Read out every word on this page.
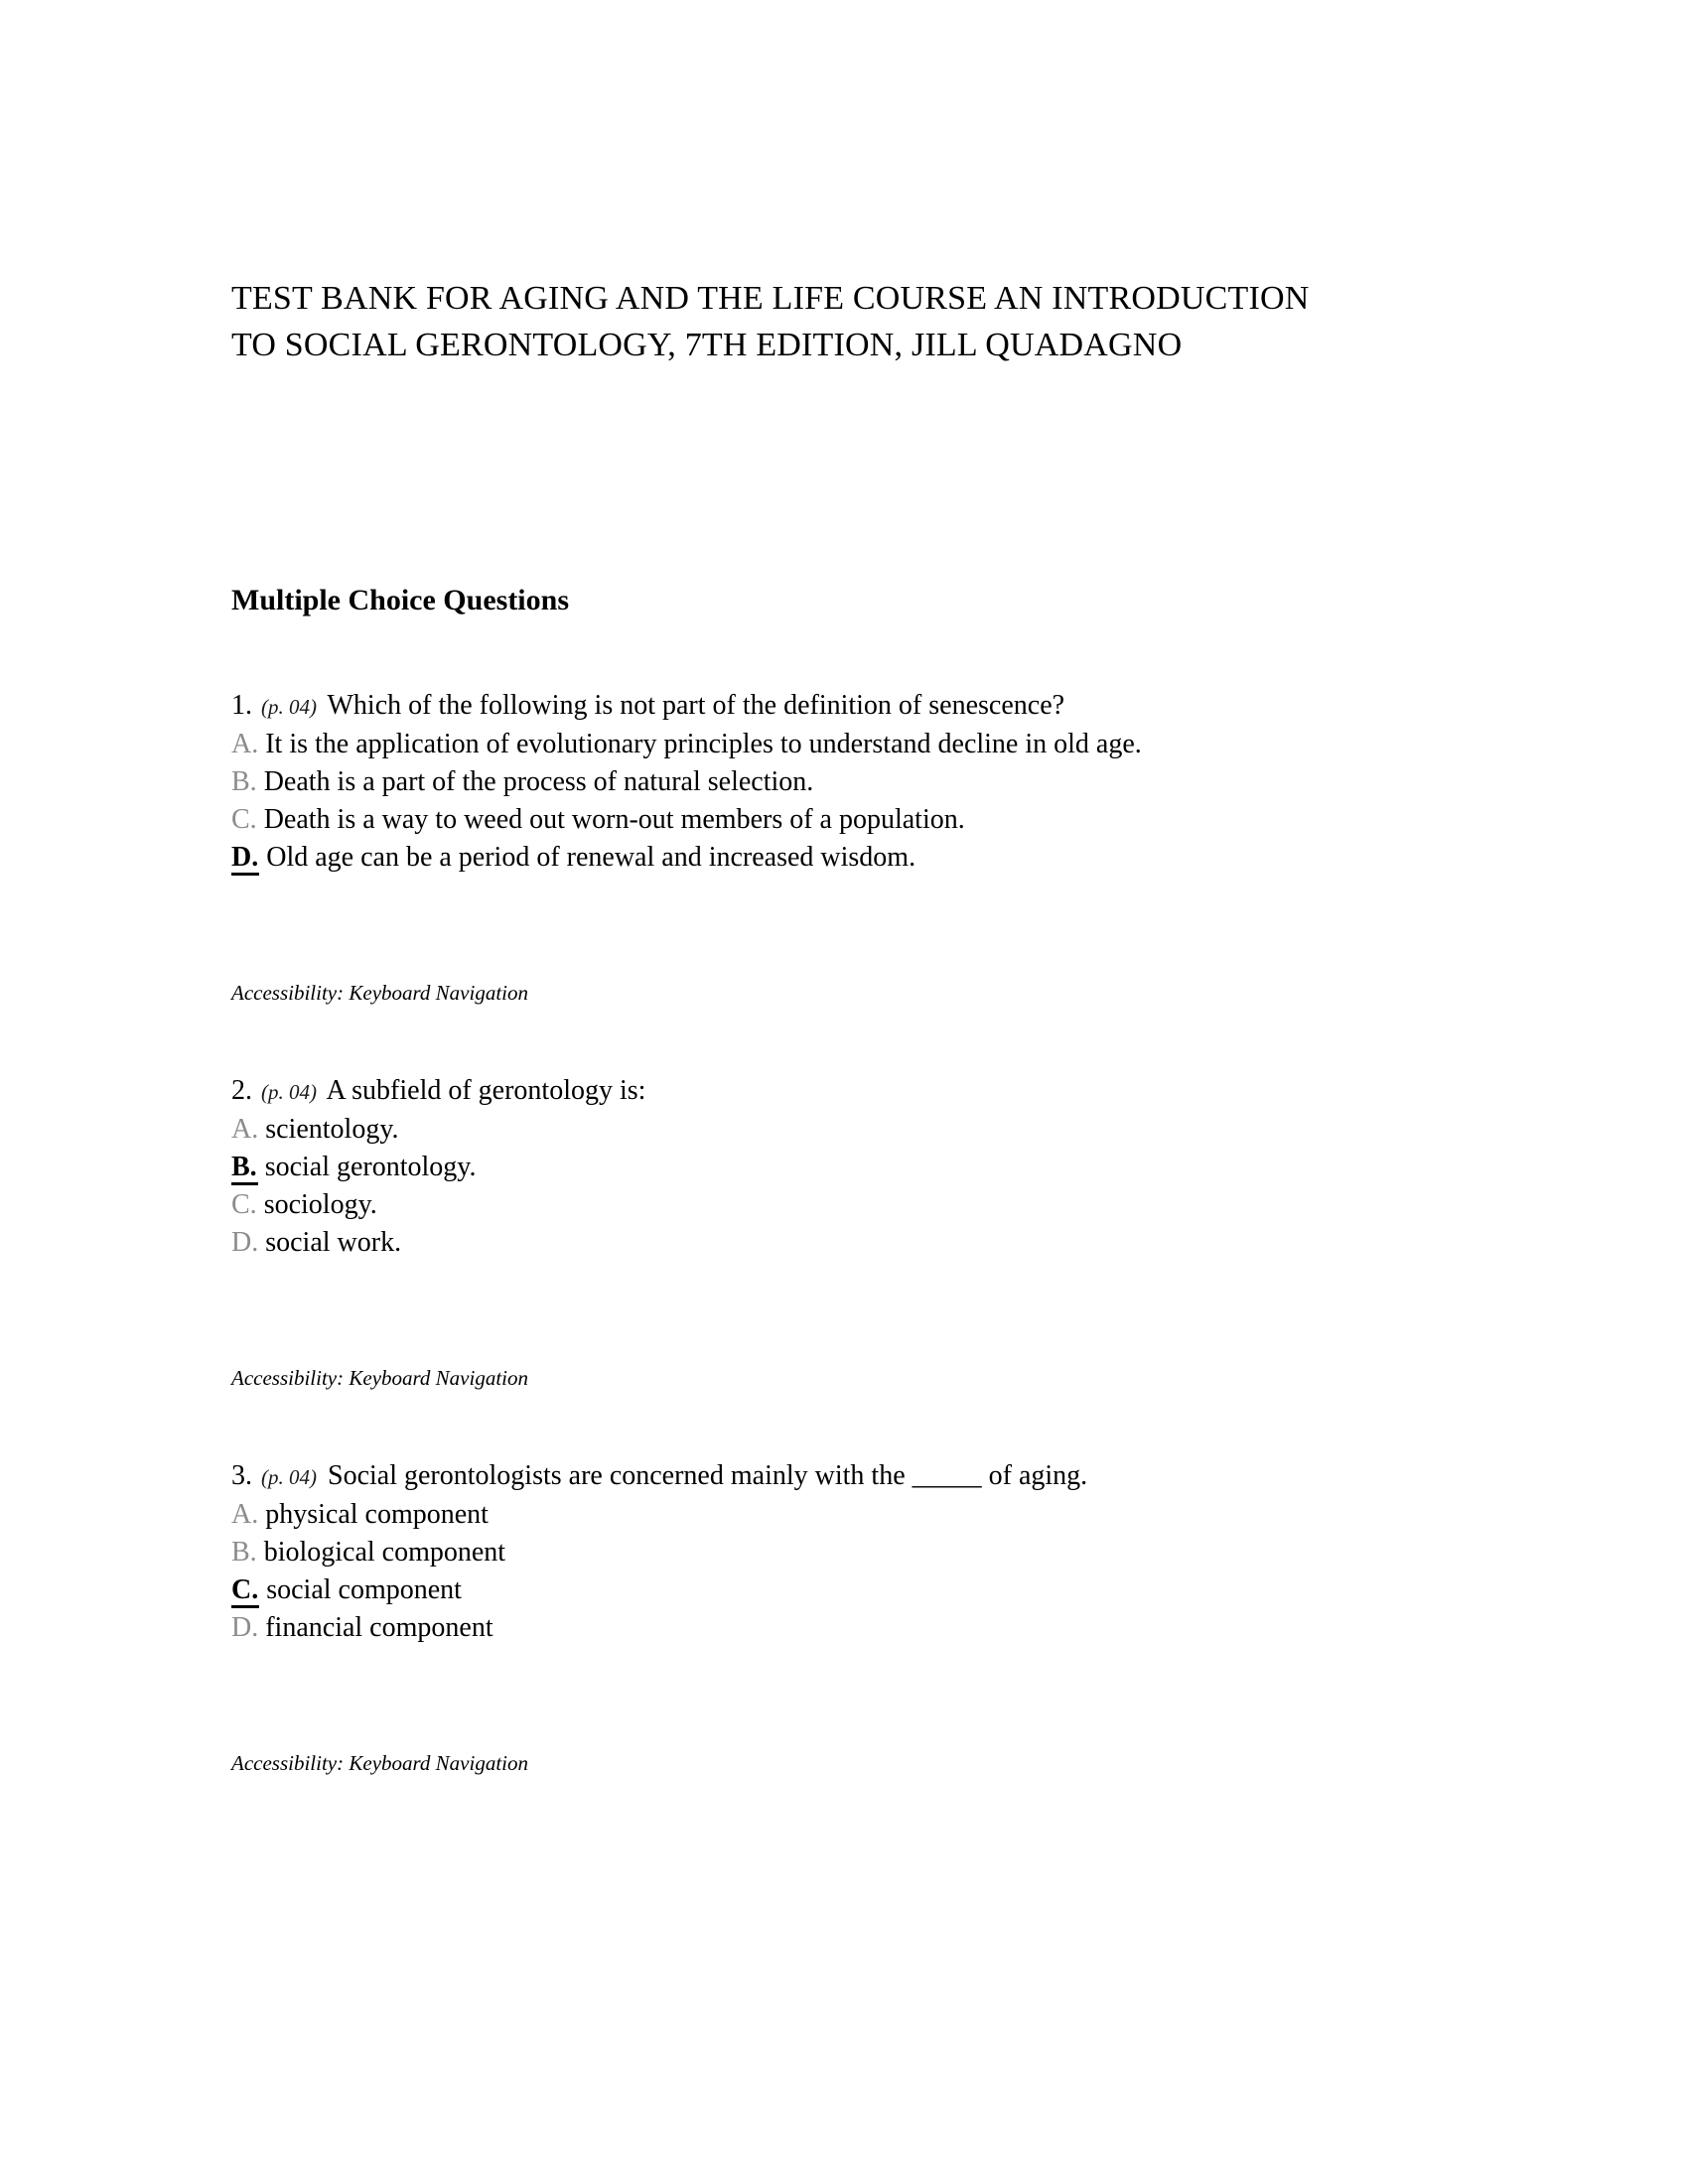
TEST BANK FOR AGING AND THE LIFE COURSE AN INTRODUCTION
TO SOCIAL GERONTOLOGY, 7TH EDITION, JILL QUADAGNO
Multiple Choice Questions
1. (p. 04) Which of the following is not part of the definition of senescence?
A. It is the application of evolutionary principles to understand decline in old age.
B. Death is a part of the process of natural selection.
C. Death is a way to weed out worn-out members of a population.
D. Old age can be a period of renewal and increased wisdom.
Accessibility: Keyboard Navigation
2. (p. 04) A subfield of gerontology is:
A. scientology.
B. social gerontology.
C. sociology.
D. social work.
Accessibility: Keyboard Navigation
3. (p. 04) Social gerontologists are concerned mainly with the _____ of aging.
A. physical component
B. biological component
C. social component
D. financial component
Accessibility: Keyboard Navigation
